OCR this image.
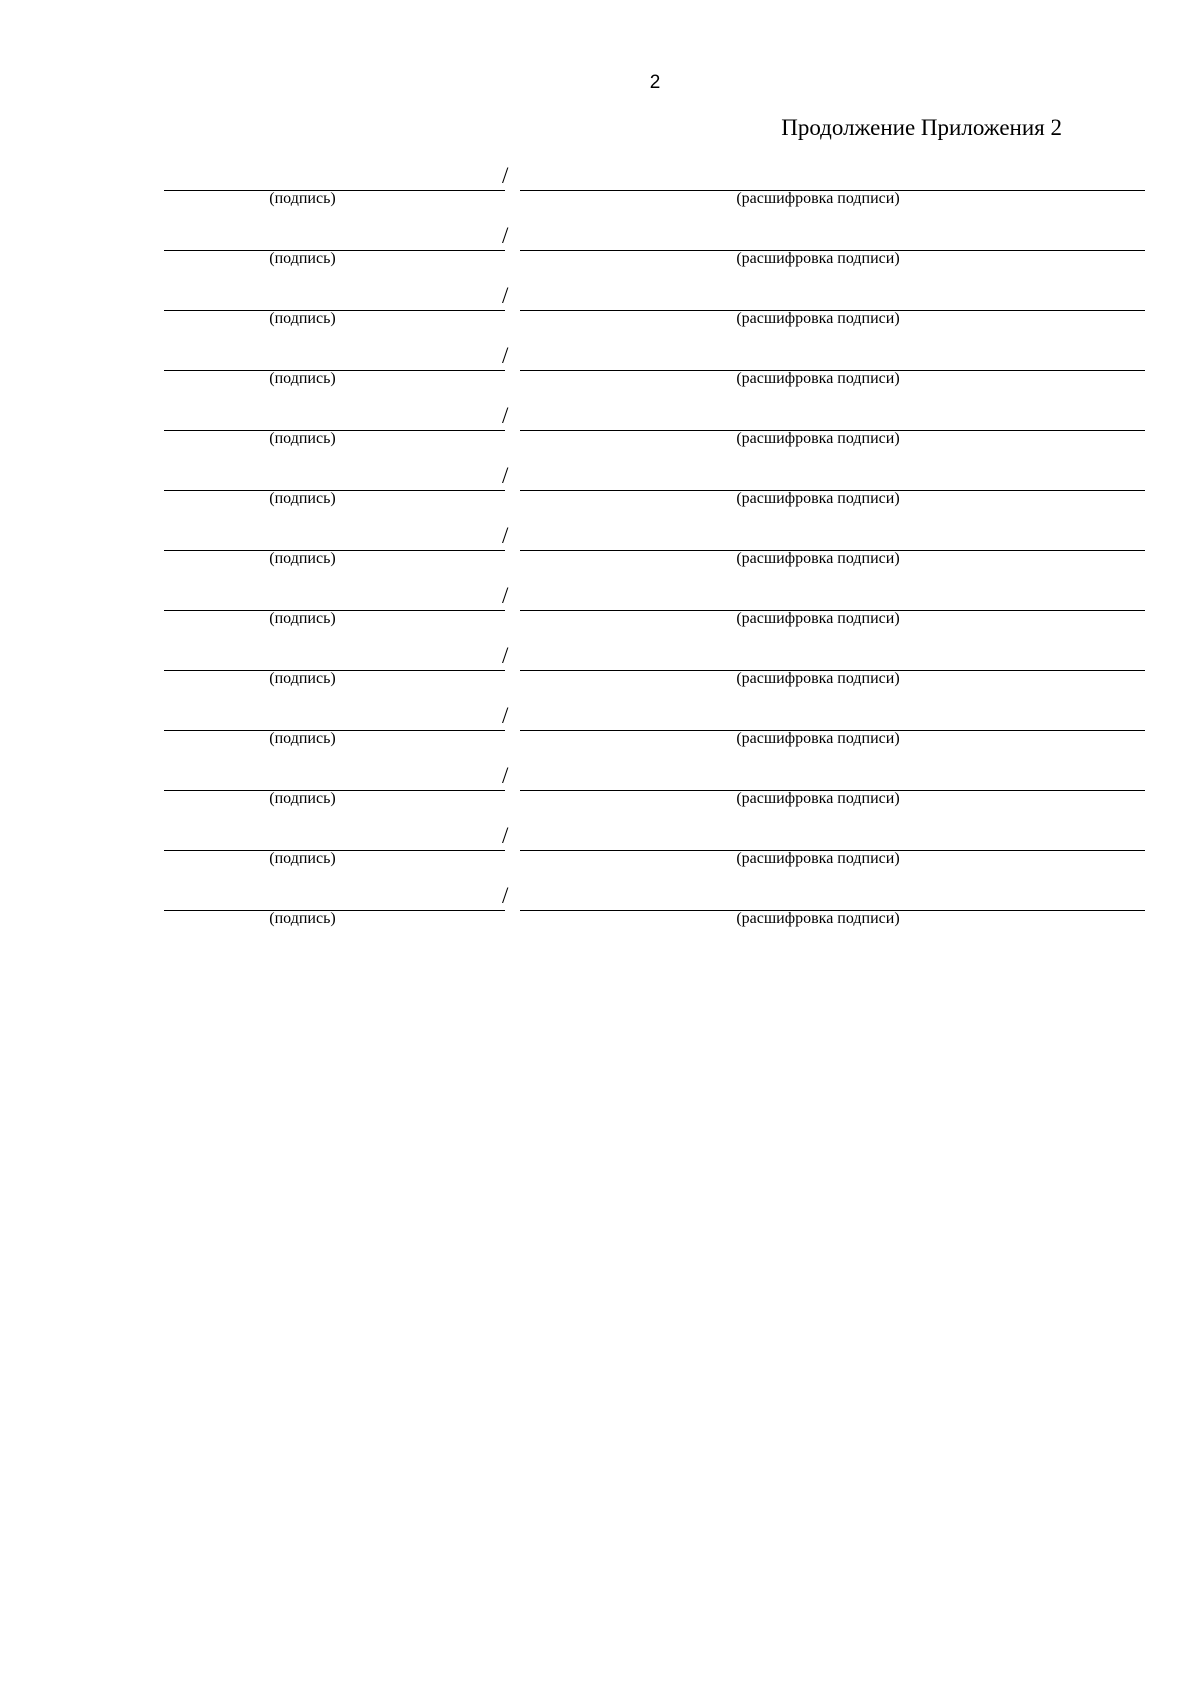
2
Продолжение Приложения 2
/
(подпись)	(расшифровка подписи)
/
(подпись)	(расшифровка подписи)
/
(подпись)	(расшифровка подписи)
/
(подпись)	(расшифровка подписи)
/
(подпись)	(расшифровка подписи)
/
(подпись)	(расшифровка подписи)
/
(подпись)	(расшифровка подписи)
/
(подпись)	(расшифровка подписи)
/
(подпись)	(расшифровка подписи)
/
(подпись)	(расшифровка подписи)
/
(подпись)	(расшифровка подписи)
/
(подпись)	(расшифровка подписи)
/
(подпись)	(расшифровка подписи)
